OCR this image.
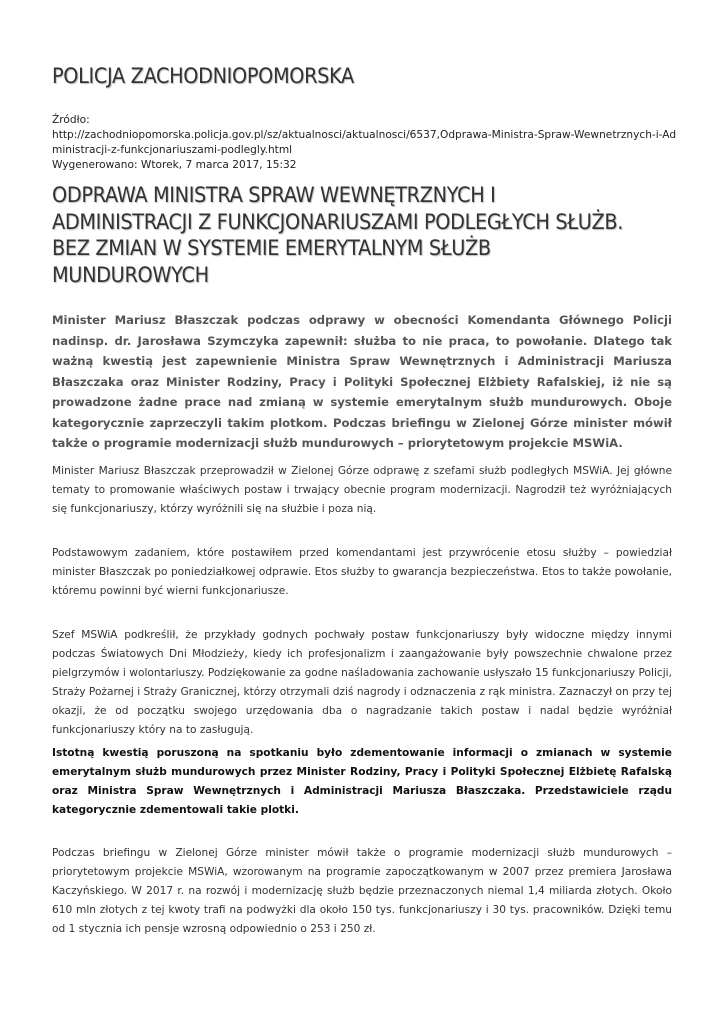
POLICJA ZACHODNIOPOMORSKA
Źródło:
http://zachodniopomorska.policja.gov.pl/sz/aktualnosci/aktualnosci/6537,Odprawa-Ministra-Spraw-Wewnetrznych-i-Administracji-z-funkcjonariuszami-podlegly.html
Wygenerowano: Wtorek, 7 marca 2017, 15:32
ODPRAWA MINISTRA SPRAW WEWNĘTRZNYCH I ADMINISTRACJI Z FUNKCJONARIUSZAMI PODLEGŁYCH SŁUŻB. BEZ ZMIAN W SYSTEMIE EMERYTALNYM SŁUŻB MUNDUROWYCH

Minister Mariusz Błaszczak podczas odprawy w obecności Komendanta Głównego Policji nadinsp. dr. Jarosława Szymczyka zapewnił: służba to nie praca, to powołanie. Dlatego tak ważną kwestią jest zapewnienie Ministra Spraw Wewnętrznych i Administracji Mariusza Błaszczaka oraz Minister Rodziny, Pracy i Polityki Społecznej Elżbiety Rafalskiej, iż nie są prowadzone żadne prace nad zmianą w systemie emerytalnym służb mundurowych. Oboje kategorycznie zaprzeczyli takim plotkom. Podczas briefingu w Zielonej Górze minister mówił także o programie modernizacji służb mundurowych – priorytetowym projekcie MSWiA.

Minister Mariusz Błaszczak przeprowadził w Zielonej Górze odprawę z szefami służb podległych MSWiA. Jej główne tematy to promowanie właściwych postaw i trwający obecnie program modernizacji. Nagrodził też wyróżniających się funkcjonariuszy, którzy wyróżnili się na służbie i poza nią.

Podstawowym zadaniem, które postawiłem przed komendantami jest przywrócenie etosu służby – powiedział minister Błaszczak po poniedziałkowej odprawie. Etos służby to gwarancja bezpieczeństwa. Etos to także powołanie, któremu powinni być wierni funkcjonariusze.

Szef MSWiA podkreślił, że przykłady godnych pochwały postaw funkcjonariuszy były widoczne między innymi podczas Światowych Dni Młodzieży, kiedy ich profesjonalizm i zaangażowanie były powszechnie chwalone przez pielgrzymów i wolontariuszy. Podziękowanie za godne naśladowania zachowanie usłyszało 15 funkcjonariuszy Policji, Straży Pożarnej i Straży Granicznej, którzy otrzymali dziś nagrody i odznaczenia z rąk ministra. Zaznaczył on przy tej okazji, że od początku swojego urzędowania dba o nagradzanie takich postaw i nadal będzie wyróżniał funkcjonariuszy który na to zasługują.

Istotną kwestią poruszoną na spotkaniu było zdementowanie informacji o zmianach w systemie emerytalnym służb mundurowych przez Minister Rodziny, Pracy i Polityki Społecznej Elżbietę Rafalską oraz Ministra Spraw Wewnętrznych i Administracji Mariusza Błaszczaka. Przedstawiciele rządu kategorycznie zdementowali takie plotki.

Podczas briefingu w Zielonej Górze minister mówił także o programie modernizacji służb mundurowych – priorytetowym projekcie MSWiA, wzorowanym na programie zapoczątkowanym w 2007 przez premiera Jarosława Kaczyńskiego. W 2017 r. na rozwój i modernizację służb będzie przeznaczonych niemal 1,4 miliarda złotych. Około 610 mln złotych z tej kwoty trafi na podwyżki dla około 150 tys. funkcjonariuszy i 30 tys. pracowników. Dzięki temu od 1 stycznia ich pensje wzrosną odpowiednio o 253 i 250 zł.
